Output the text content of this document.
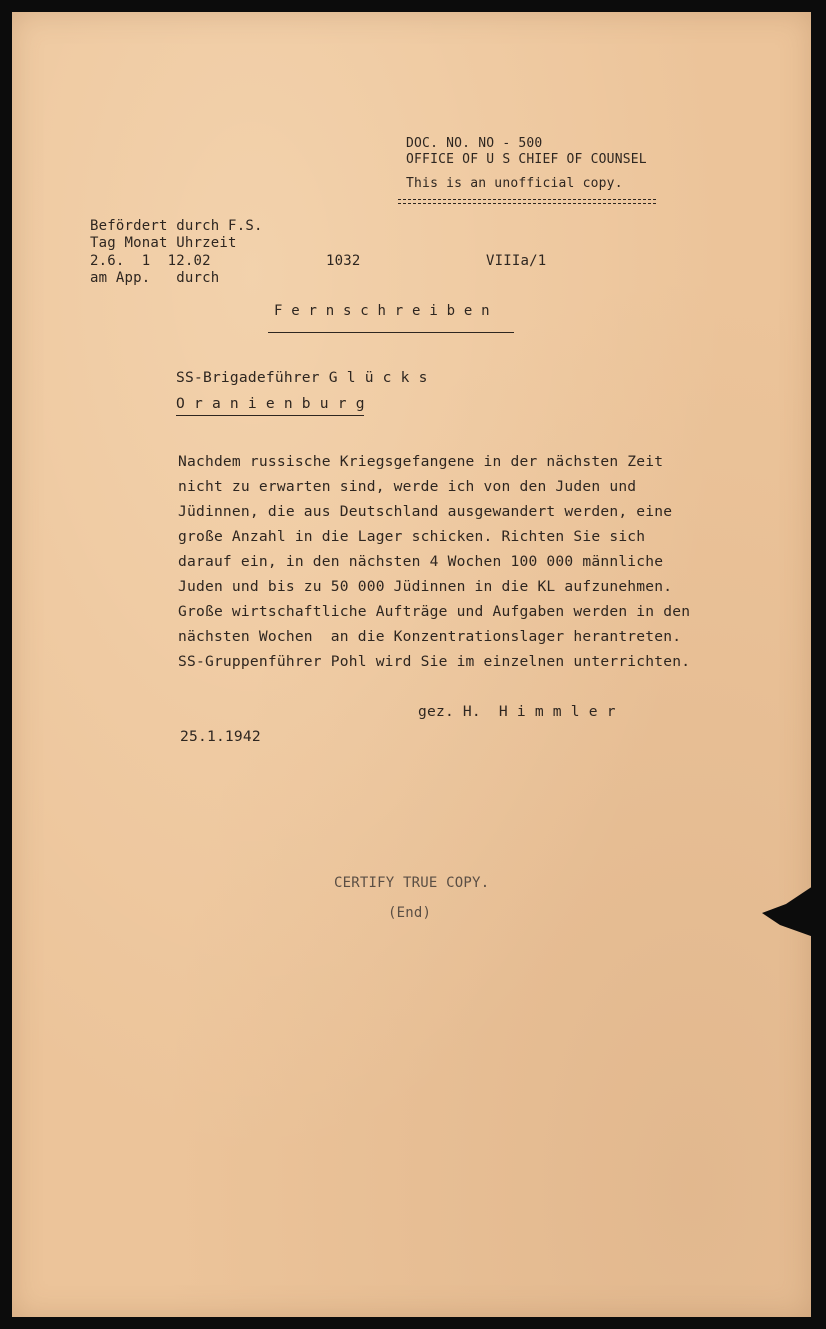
DOC. NO. NO - 500
OFFICE OF U S CHIEF OF COUNSEL
This is an unofficial copy.
Befördert durch F.S.
Tag Monat Uhrzeit
2.6.  1  12.02	1032	VIIIa/1
am App.   durch
F e r n s c h r e i b e n
SS-Brigadeführer G l ü c k s
O r a n i e n b u r g
Nachdem russische Kriegsgefangene in der nächsten Zeit
nicht zu erwarten sind, werde ich von den Juden und
Jüdinnen, die aus Deutschland ausgewandert werden, eine
große Anzahl in die Lager schicken. Richten Sie sich
darauf ein, in den nächsten 4 Wochen 100 000 männliche
Juden und bis zu 50 000 Jüdinnen in die KL aufzunehmen.
Große wirtschaftliche Aufträge und Aufgaben werden in den
nächsten Wochen  an die Konzentrationslager herantreten.
SS-Gruppenführer Pohl wird Sie im einzelnen unterrichten.
gez. H.  H i m m l e r
25.1.1942
CERTIFY TRUE COPY.
(End)
